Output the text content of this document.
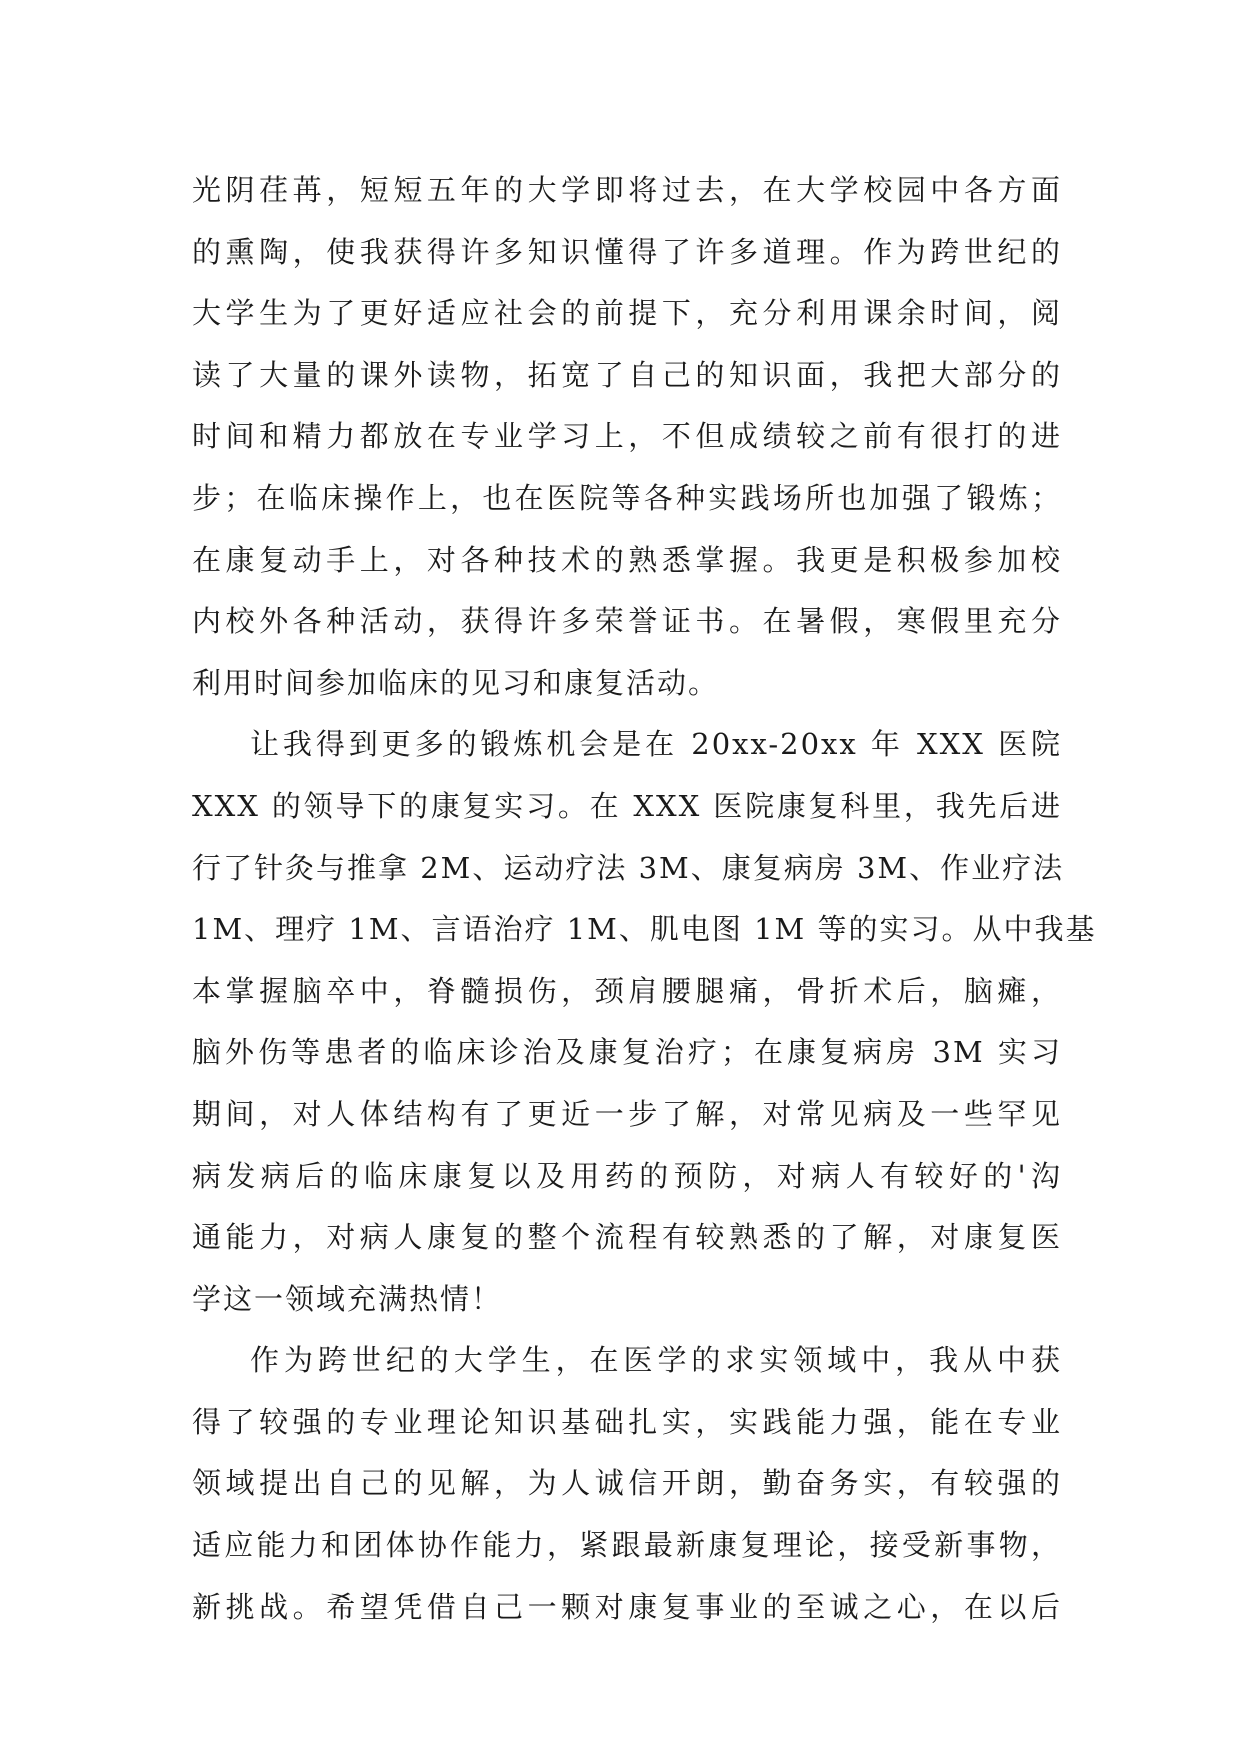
光阴荏苒，短短五年的大学即将过去，在大学校园中各方面
的熏陶，使我获得许多知识懂得了许多道理。作为跨世纪的
大学生为了更好适应社会的前提下，充分利用课余时间，阅
读了大量的课外读物，拓宽了自己的知识面，我把大部分的
时间和精力都放在专业学习上，不但成绩较之前有很打的进
步；在临床操作上，也在医院等各种实践场所也加强了锻炼；
在康复动手上，对各种技术的熟悉掌握。我更是积极参加校
内校外各种活动，获得许多荣誉证书。在暑假，寒假里充分
利用时间参加临床的见习和康复活动。
让我得到更多的锻炼机会是在 20xx-20xx 年 XXX 医院
XXX 的领导下的康复实习。在 XXX 医院康复科里，我先后进
行了针灸与推拿 2M、运动疗法 3M、康复病房 3M、作业疗法
1M、理疗 1M、言语治疗 1M、肌电图 1M 等的实习。从中我基
本掌握脑卒中，脊髓损伤，颈肩腰腿痛，骨折术后，脑瘫，
脑外伤等患者的临床诊治及康复治疗；在康复病房 3M 实习
期间，对人体结构有了更近一步了解，对常见病及一些罕见
病发病后的临床康复以及用药的预防，对病人有较好的'沟
通能力，对病人康复的整个流程有较熟悉的了解，对康复医
学这一领域充满热情！
作为跨世纪的大学生，在医学的求实领域中，我从中获
得了较强的专业理论知识基础扎实，实践能力强，能在专业
领域提出自己的见解，为人诚信开朗，勤奋务实，有较强的
适应能力和团体协作能力，紧跟最新康复理论，接受新事物，
新挑战。希望凭借自己一颗对康复事业的至诚之心，在以后
